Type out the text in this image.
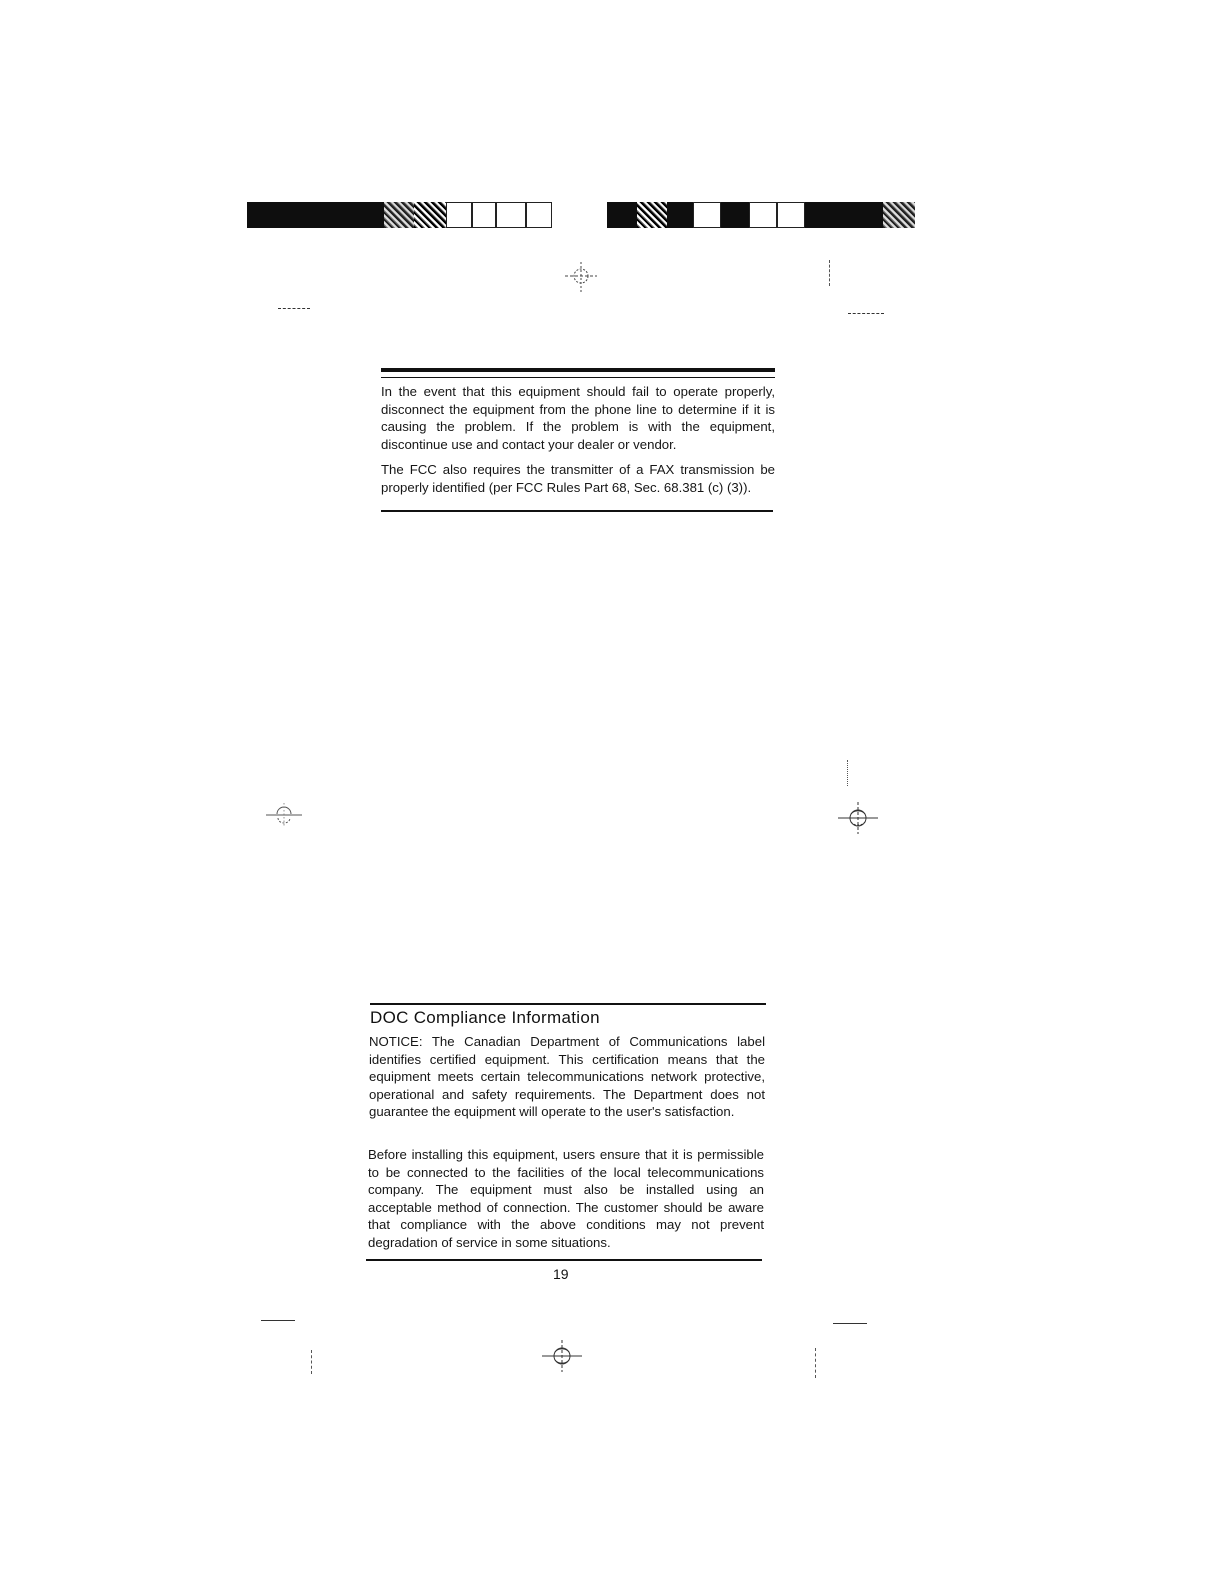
In the event that this equipment should fail to operate properly, disconnect the equipment from the phone line to determine if it is causing the problem. If the problem is with the equipment, discontinue use and contact your dealer or vendor.

The FCC also requires the transmitter of a FAX transmission be properly identified (per FCC Rules Part 68, Sec. 68.381 (c) (3)).

DOC Compliance Information

NOTICE: The Canadian Department of Communications label identifies certified equipment. This certification means that the equipment meets certain telecommunications network protective, operational and safety requirements. The Department does not guarantee the equipment will operate to the user's satisfaction.

Before installing this equipment, users ensure that it is permissible to be connected to the facilities of the local telecommunications company. The equipment must also be installed using an acceptable method of connection. The customer should be aware that compliance with the above conditions may not prevent degradation of service in some situations.

19
